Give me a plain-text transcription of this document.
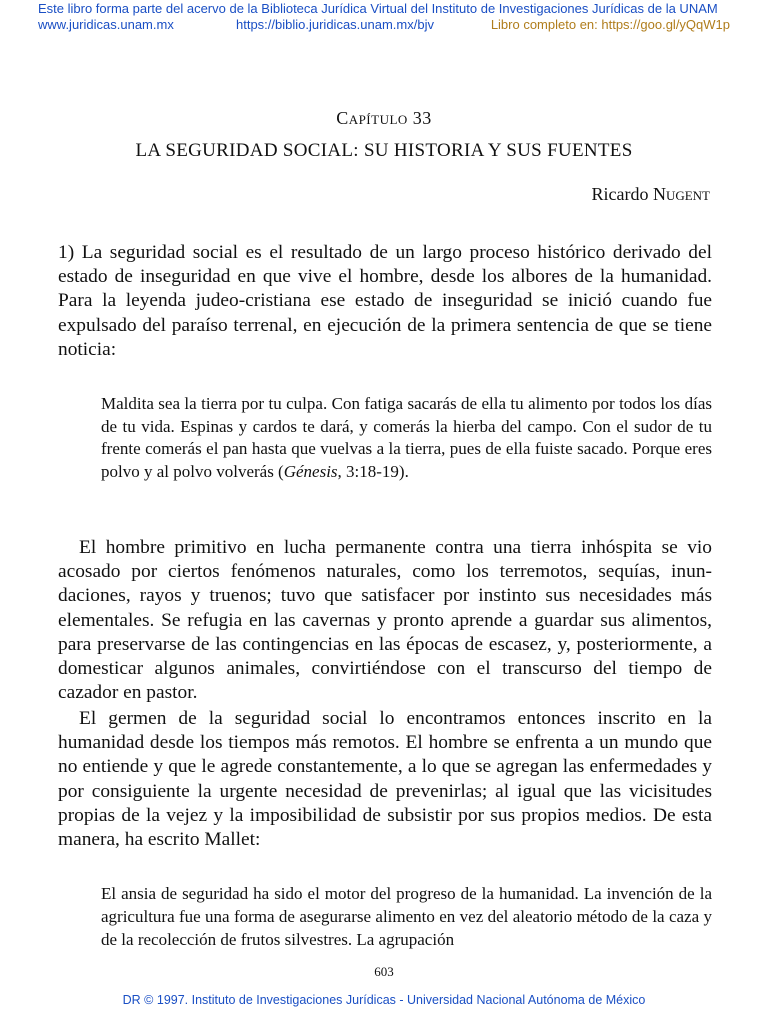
Este libro forma parte del acervo de la Biblioteca Jurídica Virtual del Instituto de Investigaciones Jurídicas de la UNAM
www.juridicas.unam.mx	https://biblio.juridicas.unam.mx/bjv	Libro completo en: https://goo.gl/yQqW1p
Capítulo 33
LA SEGURIDAD SOCIAL: SU HISTORIA Y SUS FUENTES
Ricardo Nugent

1) La seguridad social es el resultado de un largo proceso histórico derivado del estado de inseguridad en que vive el hombre, desde los albores de la humanidad. Para la leyenda judeo-cristiana ese estado de inseguridad se inició cuando fue expulsado del paraíso terrenal, en ejecución de la primera sentencia de que se tiene noticia:

Maldita sea la tierra por tu culpa. Con fatiga sacarás de ella tu alimento por todos los días de tu vida. Espinas y cardos te dará, y comerás la hierba del campo. Con el sudor de tu frente comerás el pan hasta que vuelvas a la tierra, pues de ella fuiste sacado. Porque eres polvo y al polvo volverás (Génesis, 3:18-19).

El hombre primitivo en lucha permanente contra una tierra inhóspita se vio acosado por ciertos fenómenos naturales, como los terremotos, sequías, inundaciones, rayos y truenos; tuvo que satisfacer por instinto sus necesidades más elementales. Se refugia en las cavernas y pronto aprende a guardar sus alimentos, para preservarse de las contingencias en las épocas de escasez, y, posteriormente, a domesticar algunos animales, convirtiéndose con el transcurso del tiempo de cazador en pastor.

El germen de la seguridad social lo encontramos entonces inscrito en la humanidad desde los tiempos más remotos. El hombre se enfrenta a un mundo que no entiende y que le agrede constantemente, a lo que se agregan las enfermedades y por consiguiente la urgente necesidad de prevenirlas; al igual que las vicisitudes propias de la vejez y la imposibilidad de subsistir por sus propios medios. De esta manera, ha escrito Mallet:

El ansia de seguridad ha sido el motor del progreso de la humanidad. La invención de la agricultura fue una forma de asegurarse alimento en vez del aleatorio método de la caza y de la recolección de frutos silvestres. La agrupación

603
DR © 1997. Instituto de Investigaciones Jurídicas - Universidad Nacional Autónoma de México
